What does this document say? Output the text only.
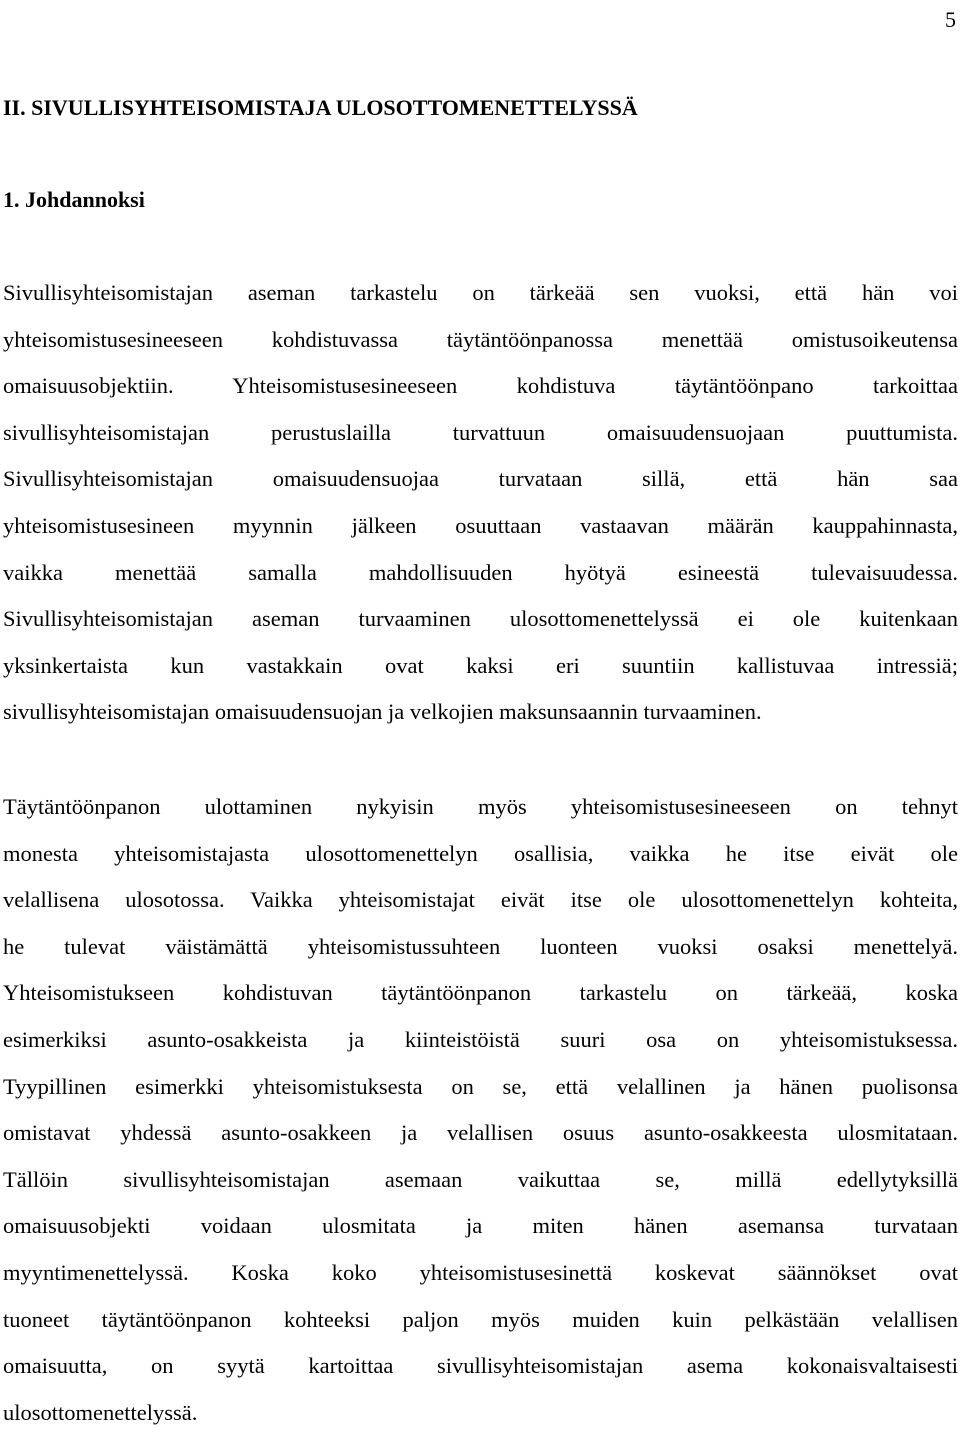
5
II. SIVULLISYHTEISOMISTAJA ULOSOTTOMENETTELYSSÄ
1. Johdannoksi
Sivullisyhteisomistajan aseman tarkastelu on tärkeää sen vuoksi, että hän voi
yhteisomistusesineeseen kohdistuvassa täytäntöönpanossa menettää omistusoikeutensa
omaisuusobjektiin. Yhteisomistusesineeseen kohdistuva täytäntöönpano tarkoittaa
sivullisyhteisomistajan perustuslailla turvattuun omaisuudensuojaan puuttumista.
Sivullisyhteisomistajan omaisuudensuojaa turvataan sillä, että hän saa
yhteisomistusesineen myynnin jälkeen osuuttaan vastaavan määrän kauppahinnasta,
vaikka menettää samalla mahdollisuuden hyötyä esineestä tulevaisuudessa.
Sivullisyhteisomistajan aseman turvaaminen ulosottomenettelyssä ei ole kuitenkaan
yksinkertaista kun vastakkain ovat kaksi eri suuntiin kallistuvaa intressiä;
sivullisyhteisomistajan omaisuudensuojan ja velkojien maksunsaannin turvaaminen.
Täytäntöönpanon ulottaminen nykyisin myös yhteisomistusesineeseen on tehnyt
monesta yhteisomistajasta ulosottomenettelyn osallisia, vaikka he itse eivät ole
velallisena ulosotossa. Vaikka yhteisomistajat eivät itse ole ulosottomenettelyn kohteita,
he tulevat väistämättä yhteisomistussuhteen luonteen vuoksi osaksi menettelyä.
Yhteisomistukseen kohdistuvan täytäntöönpanon tarkastelu on tärkeää, koska
esimerkiksi asunto-osakkeista ja kiinteistöistä suuri osa on yhteisomistuksessa.
Tyypillinen esimerkki yhteisomistuksesta on se, että velallinen ja hänen puolisonsa
omistavat yhdessä asunto-osakkeen ja velallisen osuus asunto-osakkeesta ulosmitataan.
Tällöin sivullisyhteisomistajan asemaan vaikuttaa se, millä edellytyksillä
omaisuusobjekti voidaan ulosmitata ja miten hänen asemansa turvataan
myyntimenettelyssä. Koska koko yhteisomistusesinettä koskevat säännökset ovat
tuoneet täytäntöönpanon kohteeksi paljon myös muiden kuin pelkästään velallisen
omaisuutta, on syytä kartoittaa sivullisyhteisomistajan asema kokonaisvaltaisesti
ulosottomenettelyssä.
